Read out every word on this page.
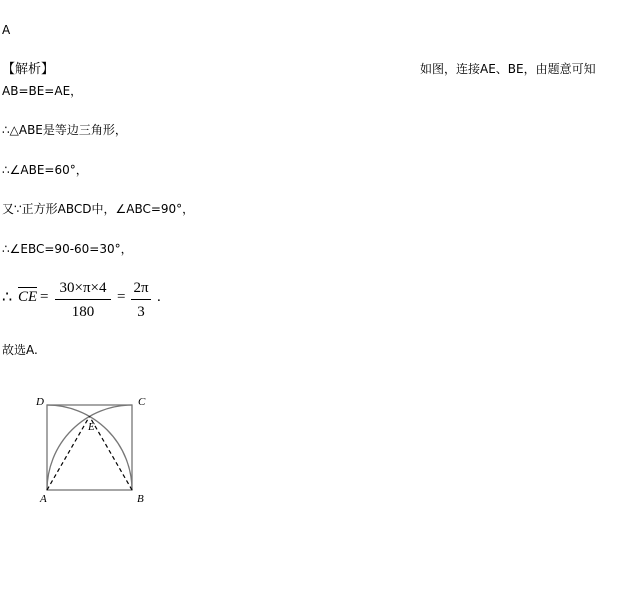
A
【解析】	如图，连接AE、BE，由题意可知
AB=BE=AE，
∴△ABE是等边三角形，
∴∠ABE=60°，
又∵正方形ABCD中，∠ABC=90°，
∴∠EBC=90-60=30°，
∴ CE =
30×π×4
180
=
2π
3
.
故选A.
D	C
E
A	B
